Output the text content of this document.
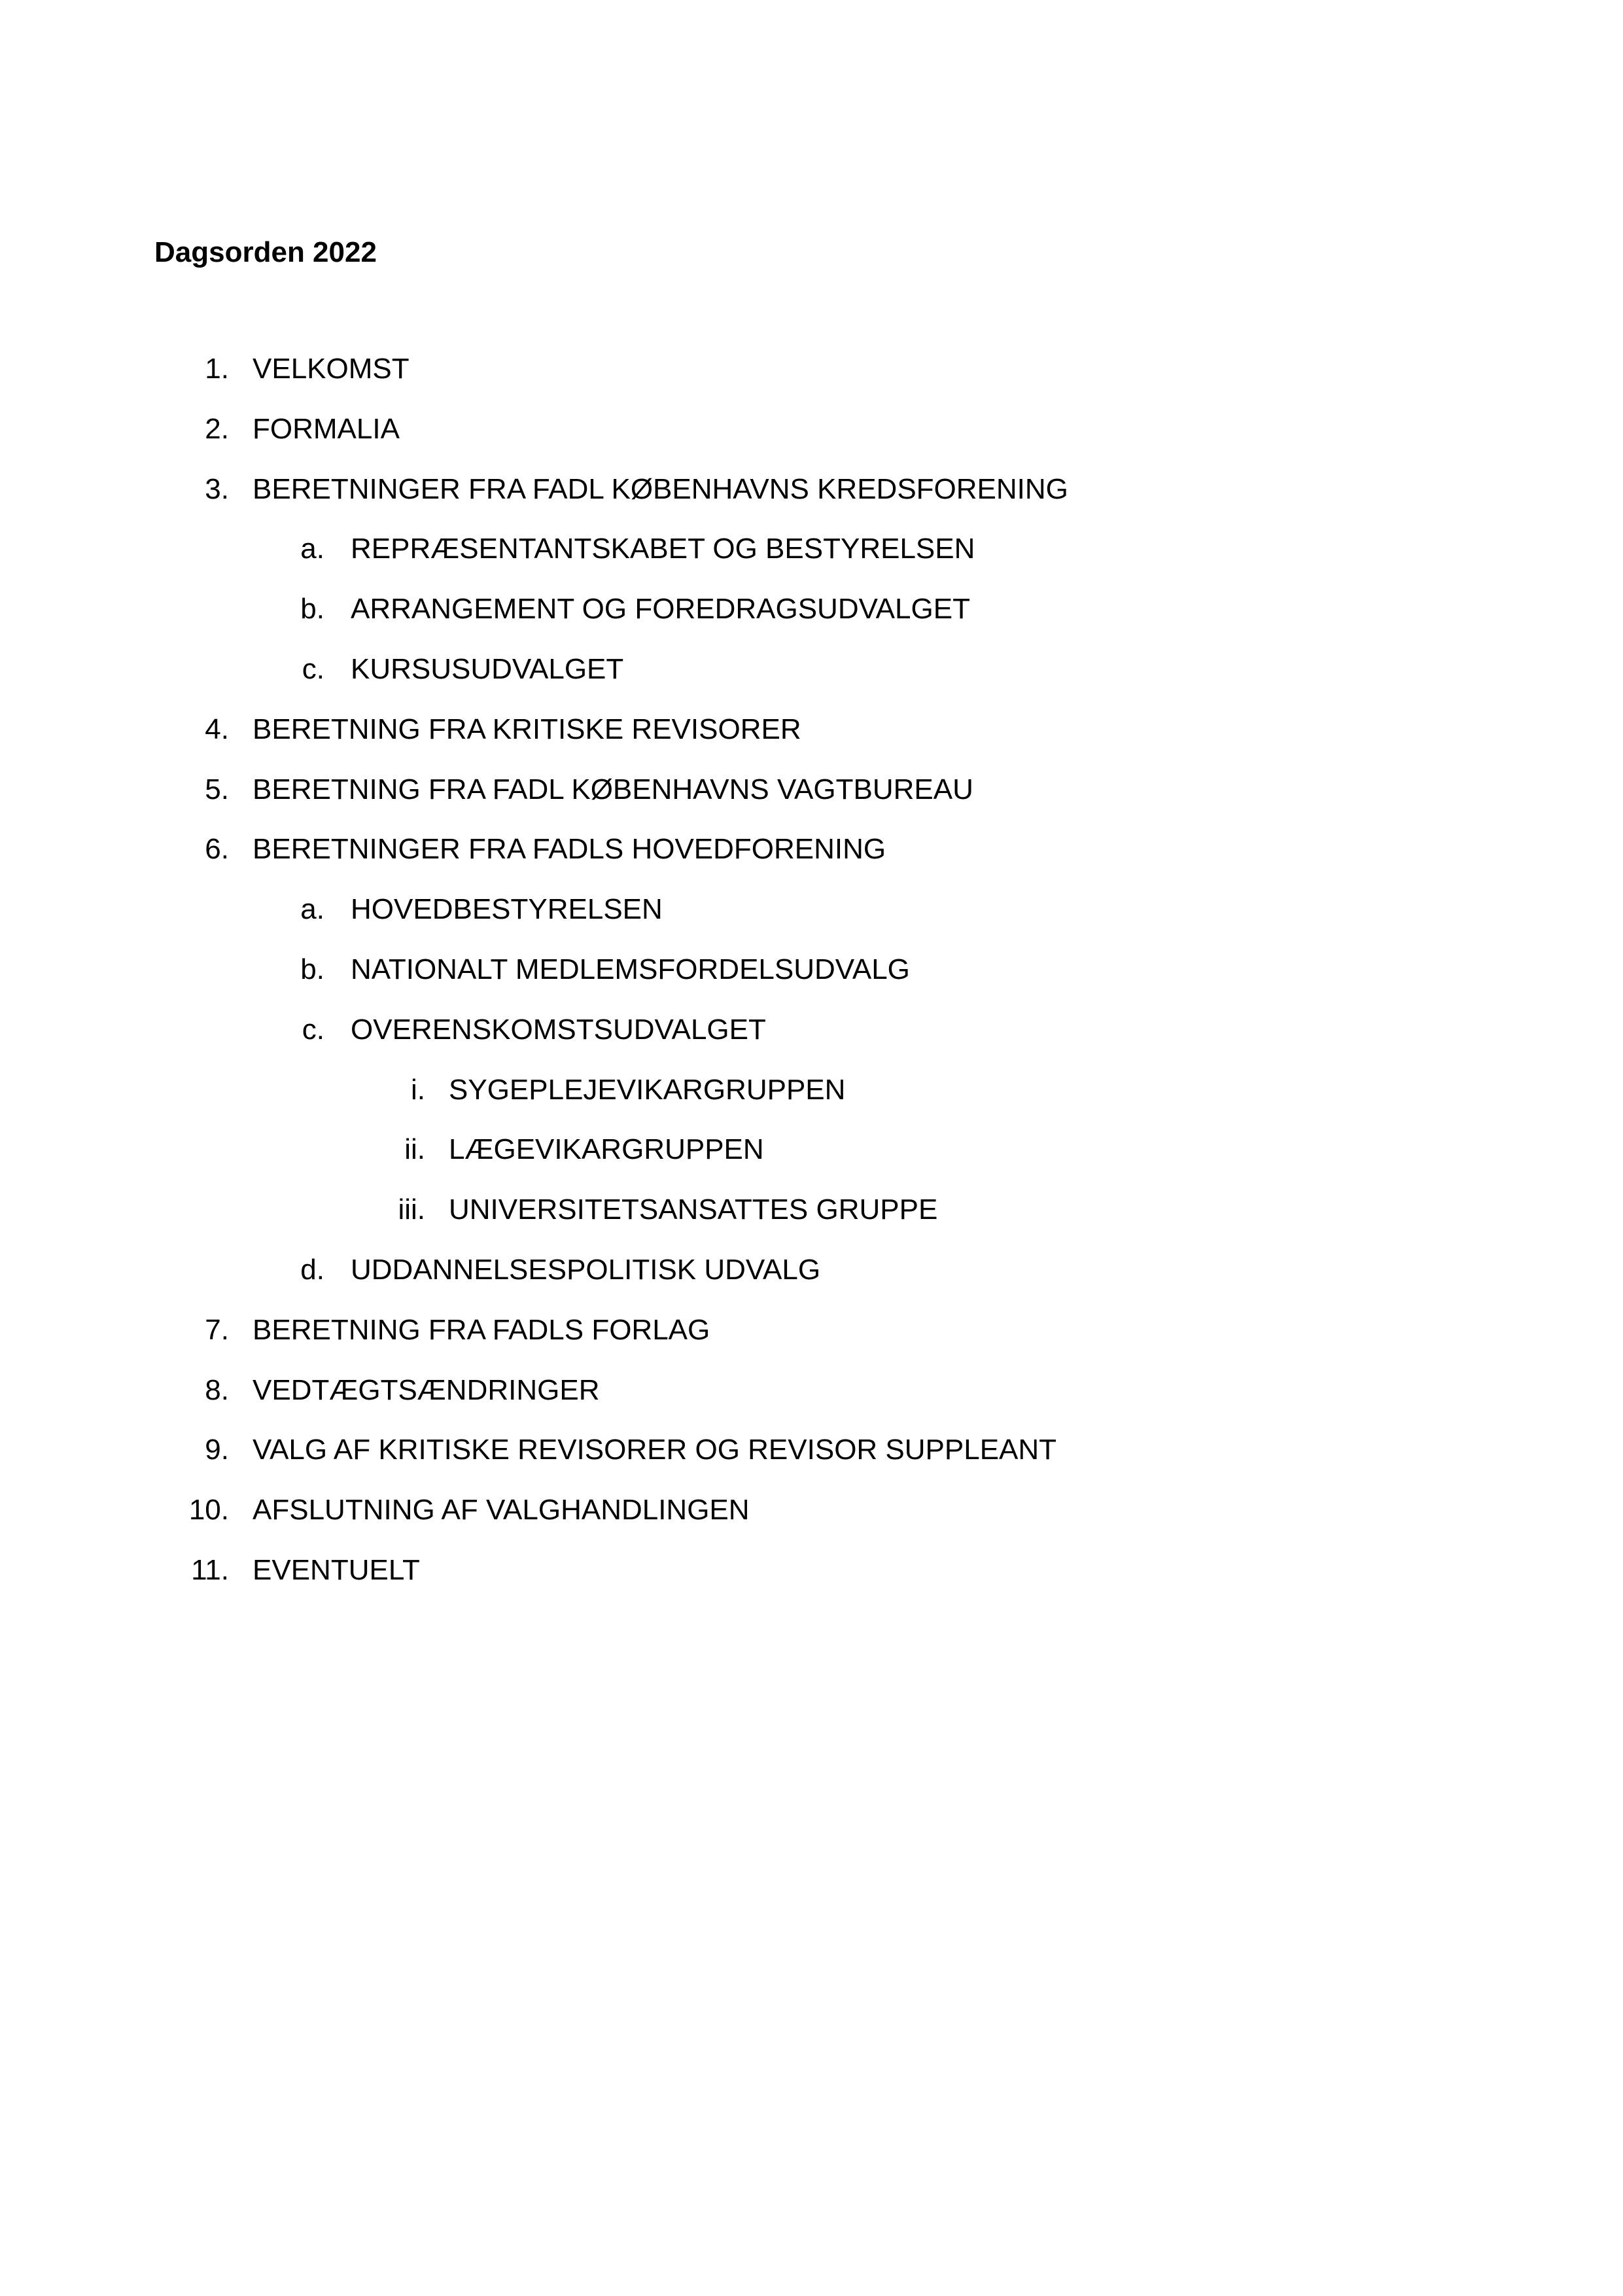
Dagsorden 2022
1. VELKOMST
2. FORMALIA
3. BERETNINGER FRA FADL KØBENHAVNS KREDSFORENING
a. REPRÆSENTANTSKABET OG BESTYRELSEN
b. ARRANGEMENT OG FOREDRAGSUDVALGET
c. KURSUSUDVALGET
4. BERETNING FRA KRITISKE REVISORER
5. BERETNING FRA FADL KØBENHAVNS VAGTBUREAU
6. BERETNINGER FRA FADLS HOVEDFORENING
a. HOVEDBESTYRELSEN
b. NATIONALT MEDLEMSFORDELSUDVALG
c. OVERENSKOMSTSUDVALGET
i. SYGEPLEJEVIKARGRUPPEN
ii. LÆGEVIKARGRUPPEN
iii. UNIVERSITETSANSATTES GRUPPE
d. UDDANNELSESPOLITISK UDVALG
7. BERETNING FRA FADLS FORLAG
8. VEDTÆGTSÆNDRINGER
9. VALG AF KRITISKE REVISORER OG REVISOR SUPPLEANT
10. AFSLUTNING AF VALGHANDLINGEN
11. EVENTUELT
